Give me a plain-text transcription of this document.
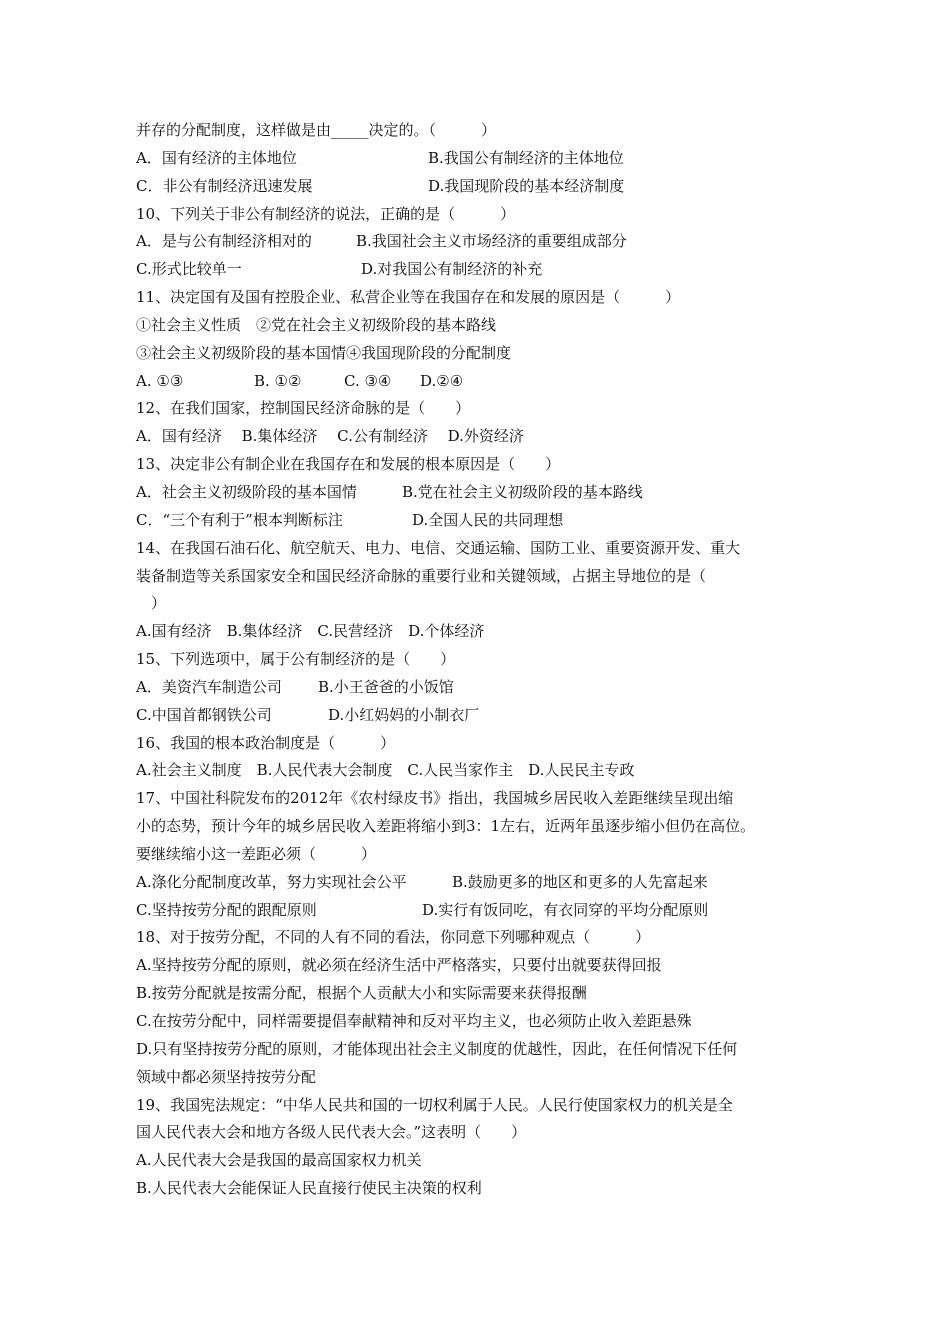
并存的分配制度，这样做是由_____决定的。（　　　）

A．国有经济的主体地位

	B.我国公有制经济的主体地位

C．非公有制经济迅速发展

	D.我国现阶段的基本经济制度

10、下列关于非公有制经济的说法，正确的是（　　　）

A．是与公有制经济相对的

	B.我国社会主义市场经济的重要组成部分

C.形式比较单一

	D.对我国公有制经济的补充

11、决定国有及国有控股企业、私营企业等在我国存在和发展的原因是（　　　）
①社会主义性质　②党在社会主义初级阶段的基本路线
③社会主义初级阶段的基本国情④我国现阶段的分配制度

A. ①③

	B. ①②

	C. ③④

D.②④

12、在我们国家，控制国民经济命脉的是（　　）
A．国有经济　 B.集体经济　 C.公有制经济　 D.外资经济
13、决定非公有制企业在我国存在和发展的根本原因是（　　）

A．社会主义初级阶段的基本国情

	B.党在社会主义初级阶段的基本路线

C．“三个有利于”根本判断标注

	D.全国人民的共同理想

14、在我国石油石化、航空航天、电力、电信、交通运输、国防工业、重要资源开发、重大
装备制造等关系国家安全和国民经济命脉的重要行业和关键领域，占据主导地位的是（
　）
A.国有经济　B.集体经济　C.民营经济　D.个体经济
15、下列选项中，属于公有制经济的是（　　）

A．美资汽车制造公司

B.小王爸爸的小饭馆

C.中国首都钢铁公司

	D.小红妈妈的小制衣厂

16、我国的根本政治制度是（　　　）
A.社会主义制度　B.人民代表大会制度　C.人民当家作主　D.人民民主专政
17、中国社科院发布的2012年《农村绿皮书》指出，我国城乡居民收入差距继续呈现出缩
小的态势，预计今年的城乡居民收入差距将缩小到3：1左右，近两年虽逐步缩小但仍在高位。
要继续缩小这一差距必须（　　　）

A.涤化分配制度改革，努力实现社会公平

	B.鼓励更多的地区和更多的人先富起来

C.坚持按劳分配的跟配原则

	D.实行有饭同吃，有衣同穿的平均分配原则

18、对于按劳分配，不同的人有不同的看法，你同意下列哪种观点（　　　）
A.坚持按劳分配的原则，就必须在经济生活中严格落实，只要付出就要获得回报
B.按劳分配就是按需分配，根据个人贡献大小和实际需要来获得报酬
C.在按劳分配中，同样需要提倡奉献精神和反对平均主义，也必须防止收入差距悬殊
D.只有坚持按劳分配的原则，才能体现出社会主义制度的优越性，因此，在任何情况下任何
领域中都必须坚持按劳分配
19、我国宪法规定：“中华人民共和国的一切权利属于人民。人民行使国家权力的机关是全
国人民代表大会和地方各级人民代表大会。”这表明（　　）
A.人民代表大会是我国的最高国家权力机关
B.人民代表大会能保证人民直接行使民主决策的权利
